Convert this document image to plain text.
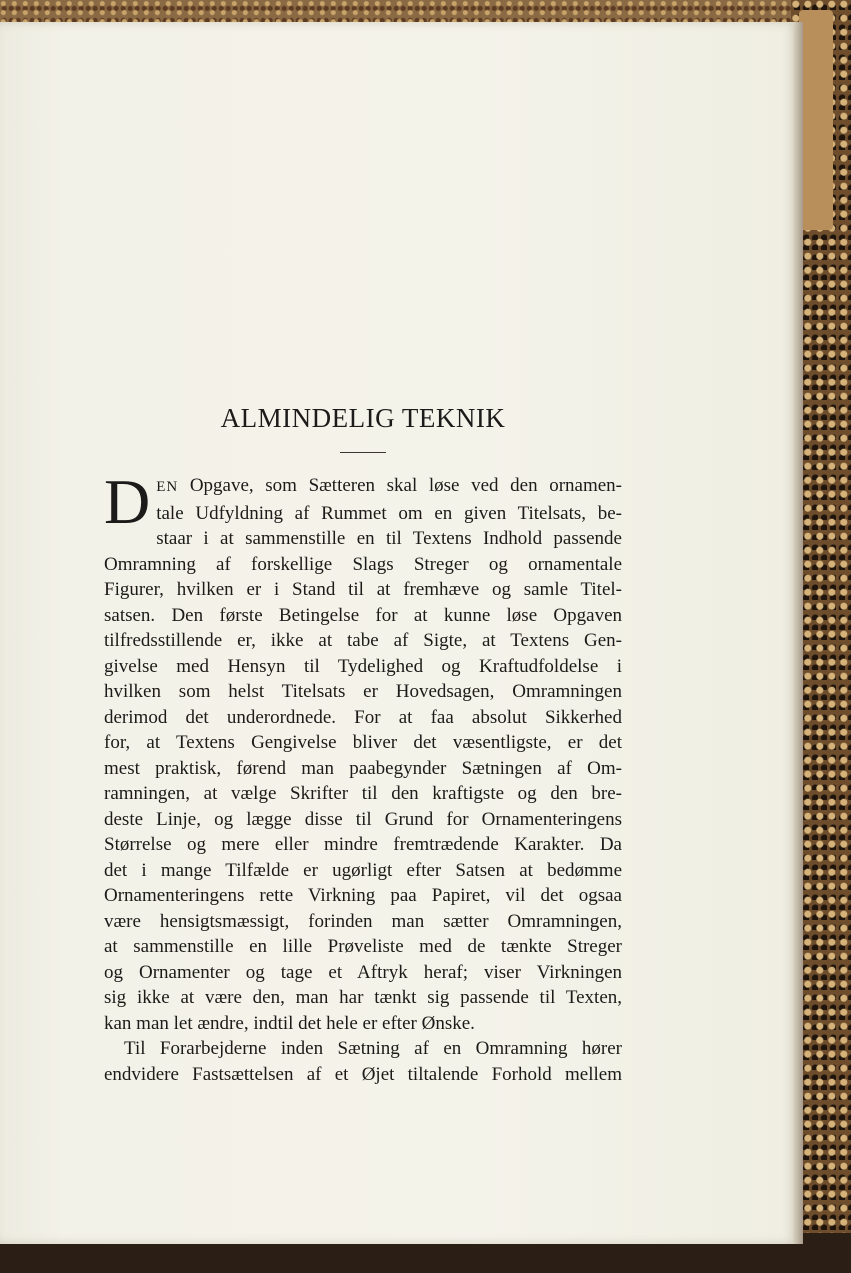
ALMINDELIG TEKNIK
D EN Opgave, som Sætteren skal løse ved den ornamen-
tale Udfyldning af Rummet om en given Titelsats, be-
staar i at sammenstille en til Textens Indhold passende
Omramning af forskellige Slags Streger og ornamentale
Figurer, hvilken er i Stand til at fremhæve og samle Titel-
satsen. Den første Betingelse for at kunne løse Opgaven
tilfredsstillende er, ikke at tabe af Sigte, at Textens Gen-
givelse med Hensyn til Tydelighed og Kraftudfoldelse i
hvilken som helst Titelsats er Hovedsagen, Omramningen
derimod det underordnede. For at faa absolut Sikkerhed
for, at Textens Gengivelse bliver det væsentligste, er det
mest praktisk, førend man paabegynder Sætningen af Om-
ramningen, at vælge Skrifter til den kraftigste og den bre-
deste Linje, og lægge disse til Grund for Ornamenteringens
Størrelse og mere eller mindre fremtrædende Karakter. Da
det i mange Tilfælde er ugørligt efter Satsen at bedømme
Ornamenteringens rette Virkning paa Papiret, vil det ogsaa
være hensigtsmæssigt, forinden man sætter Omramningen,
at sammenstille en lille Prøveliste med de tænkte Streger
og Ornamenter og tage et Aftryk heraf; viser Virkningen
sig ikke at være den, man har tænkt sig passende til Texten,
kan man let ændre, indtil det hele er efter Ønske.
Til Forarbejderne inden Sætning af en Omramning hører
endvidere Fastsættelsen af et Øjet tiltalende Forhold mellem
